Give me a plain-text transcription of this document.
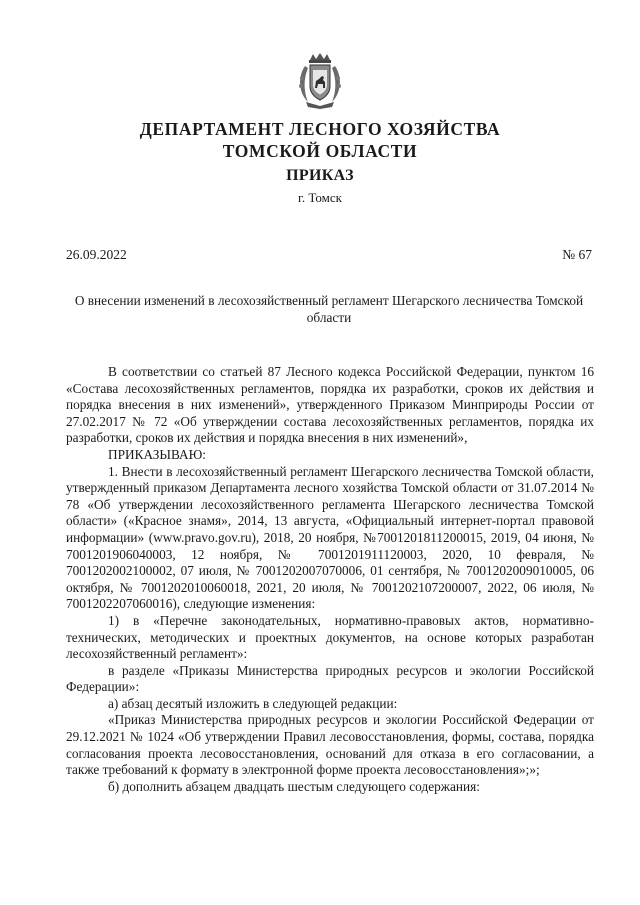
ДЕПАРТАМЕНТ ЛЕСНОГО ХОЗЯЙСТВА
ТОМСКОЙ ОБЛАСТИ
ПРИКАЗ
г. Томск
26.09.2022	№ 67
О внесении изменений в лесохозяйственный регламент Шегарского лесничества Томской области

В соответствии со статьей 87 Лесного кодекса Российской Федерации, пунктом 16 «Состава лесохозяйственных регламентов, порядка их разработки, сроков их действия и порядка внесения в них изменений», утвержденного Приказом Минприроды России от 27.02.2017 № 72 «Об утверждении состава лесохозяйственных регламентов, порядка их разработки, сроков их действия и порядка внесения в них изменений»,

ПРИКАЗЫВАЮ:

1. Внести в лесохозяйственный регламент Шегарского лесничества Томской области, утвержденный приказом Департамента лесного хозяйства Томской области от 31.07.2014 № 78 «Об утверждении лесохозяйственного регламента Шегарского лесничества Томской области» («Красное знамя», 2014, 13 августа, «Официальный интернет-портал правовой информации» (www.pravo.gov.ru), 2018, 20 ноября, №7001201811200015, 2019, 04 июня, № 7001201906040003, 12 ноября, № 7001201911120003, 2020, 10 февраля, № 7001202002100002, 07 июля, № 7001202007070006, 01 сентября, № 7001202009010005, 06 октября, № 7001202010060018, 2021, 20 июля, № 7001202107200007, 2022, 06 июля, № 7001202207060016), следующие изменения:

1) в «Перечне законодательных, нормативно-правовых актов, нормативно-технических, методических и проектных документов, на основе которых разработан лесохозяйственный регламент»:

в разделе «Приказы Министерства природных ресурсов и экологии Российской Федерации»:

а) абзац десятый изложить в следующей редакции:

«Приказ Министерства природных ресурсов и экологии Российской Федерации от 29.12.2021 № 1024 «Об утверждении Правил лесовосстановления, формы, состава, порядка согласования проекта лесовосстановления, оснований для отказа в его согласовании, а также требований к формату в электронной форме проекта лесовосстановления»;»;

б) дополнить абзацем двадцать шестым следующего содержания:
